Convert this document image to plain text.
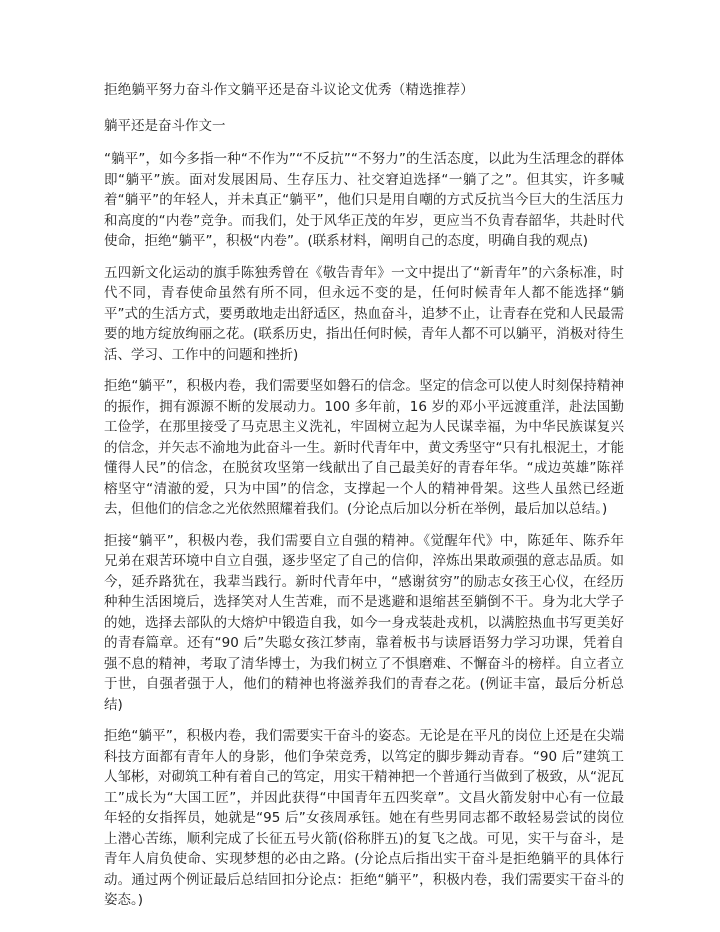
拒绝躺平努力奋斗作文躺平还是奋斗议论文优秀（精选推荐）
躺平还是奋斗作文一

“躺平”，如今多指一种“不作为”“不反抗”“不努力”的生活态度，以此为生活理念的群体即“躺平”族。面对发展困局、生存压力、社交窘迫选择“一躺了之”。但其实，许多喊着“躺平”的年轻人，并未真正“躺平”，他们只是用自嘲的方式反抗当今巨大的生活压力和高度的“内卷”竞争。而我们，处于风华正茂的年岁，更应当不负青春韶华，共赴时代使命，拒绝“躺平”，积极“内卷”。(联系材料，阐明自己的态度，明确自我的观点)

五四新文化运动的旗手陈独秀曾在《敬告青年》一文中提出了“新青年”的六条标准，时代不同，青春使命虽然有所不同，但永远不变的是，任何时候青年人都不能选择“躺平”式的生活方式，要勇敢地走出舒适区，热血奋斗，追梦不止，让青春在党和人民最需要的地方绽放绚丽之花。(联系历史，指出任何时候，青年人都不可以躺平，消极对待生活、学习、工作中的问题和挫折)

拒绝“躺平”，积极内卷，我们需要坚如磐石的信念。坚定的信念可以使人时刻保持精神的振作，拥有源源不断的发展动力。100 多年前，16 岁的邓小平远渡重洋，赴法国勤工俭学，在那里接受了马克思主义洗礼，牢固树立起为人民谋幸福，为中华民族谋复兴的信念，并矢志不渝地为此奋斗一生。新时代青年中，黄文秀坚守“只有扎根泥土，才能懂得人民”的信念，在脱贫攻坚第一线献出了自己最美好的青春年华。“成边英雄”陈祥榕坚守“清澈的爱，只为中国”的信念，支撑起一个人的精神骨架。这些人虽然已经逝去，但他们的信念之光依然照耀着我们。(分论点后加以分析在举例，最后加以总结。)

拒接“躺平”，积极内卷，我们需要自立自强的精神。《觉醒年代》中，陈延年、陈乔年兄弟在艰苦环境中自立自强，逐步坚定了自己的信仰，淬炼出果敢顽强的意志品质。如今，延乔路犹在，我辈当践行。新时代青年中，“感谢贫穷”的励志女孩王心仪，在经历种种生活困境后，选择笑对人生苦难，而不是逃避和退缩甚至躺倒不干。身为北大学子的她，选择去部队的大熔炉中锻造自我，如今一身戎装赴戎机，以满腔热血书写更美好的青春篇章。还有“90 后”失聪女孩江梦南，靠着板书与读唇语努力学习功课，凭着自强不息的精神，考取了清华博士，为我们树立了不惧磨难、不懈奋斗的榜样。自立者立于世，自强者强于人，他们的精神也将滋养我们的青春之花。(例证丰富，最后分析总结)

拒绝“躺平”，积极内卷，我们需要实干奋斗的姿态。无论是在平凡的岗位上还是在尖端科技方面都有青年人的身影，他们争荣竞秀，以笃定的脚步舞动青春。“90 后”建筑工人邹彬，对砌筑工种有着自己的笃定，用实干精神把一个普通行当做到了极致，从“泥瓦工”成长为“大国工匠”，并因此获得“中国青年五四奖章”。文昌火箭发射中心有一位最年轻的女指挥员，她就是“95 后”女孩周承钰。她在有些男同志都不敢轻易尝试的岗位上潜心苦练，顺利完成了长征五号火箭(俗称胖五)的复飞之战。可见，实干与奋斗，是青年人肩负使命、实现梦想的必由之路。(分论点后指出实干奋斗是拒绝躺平的具体行动。通过两个例证最后总结回扣分论点：拒绝“躺平”，积极内卷，我们需要实干奋斗的姿态。)
